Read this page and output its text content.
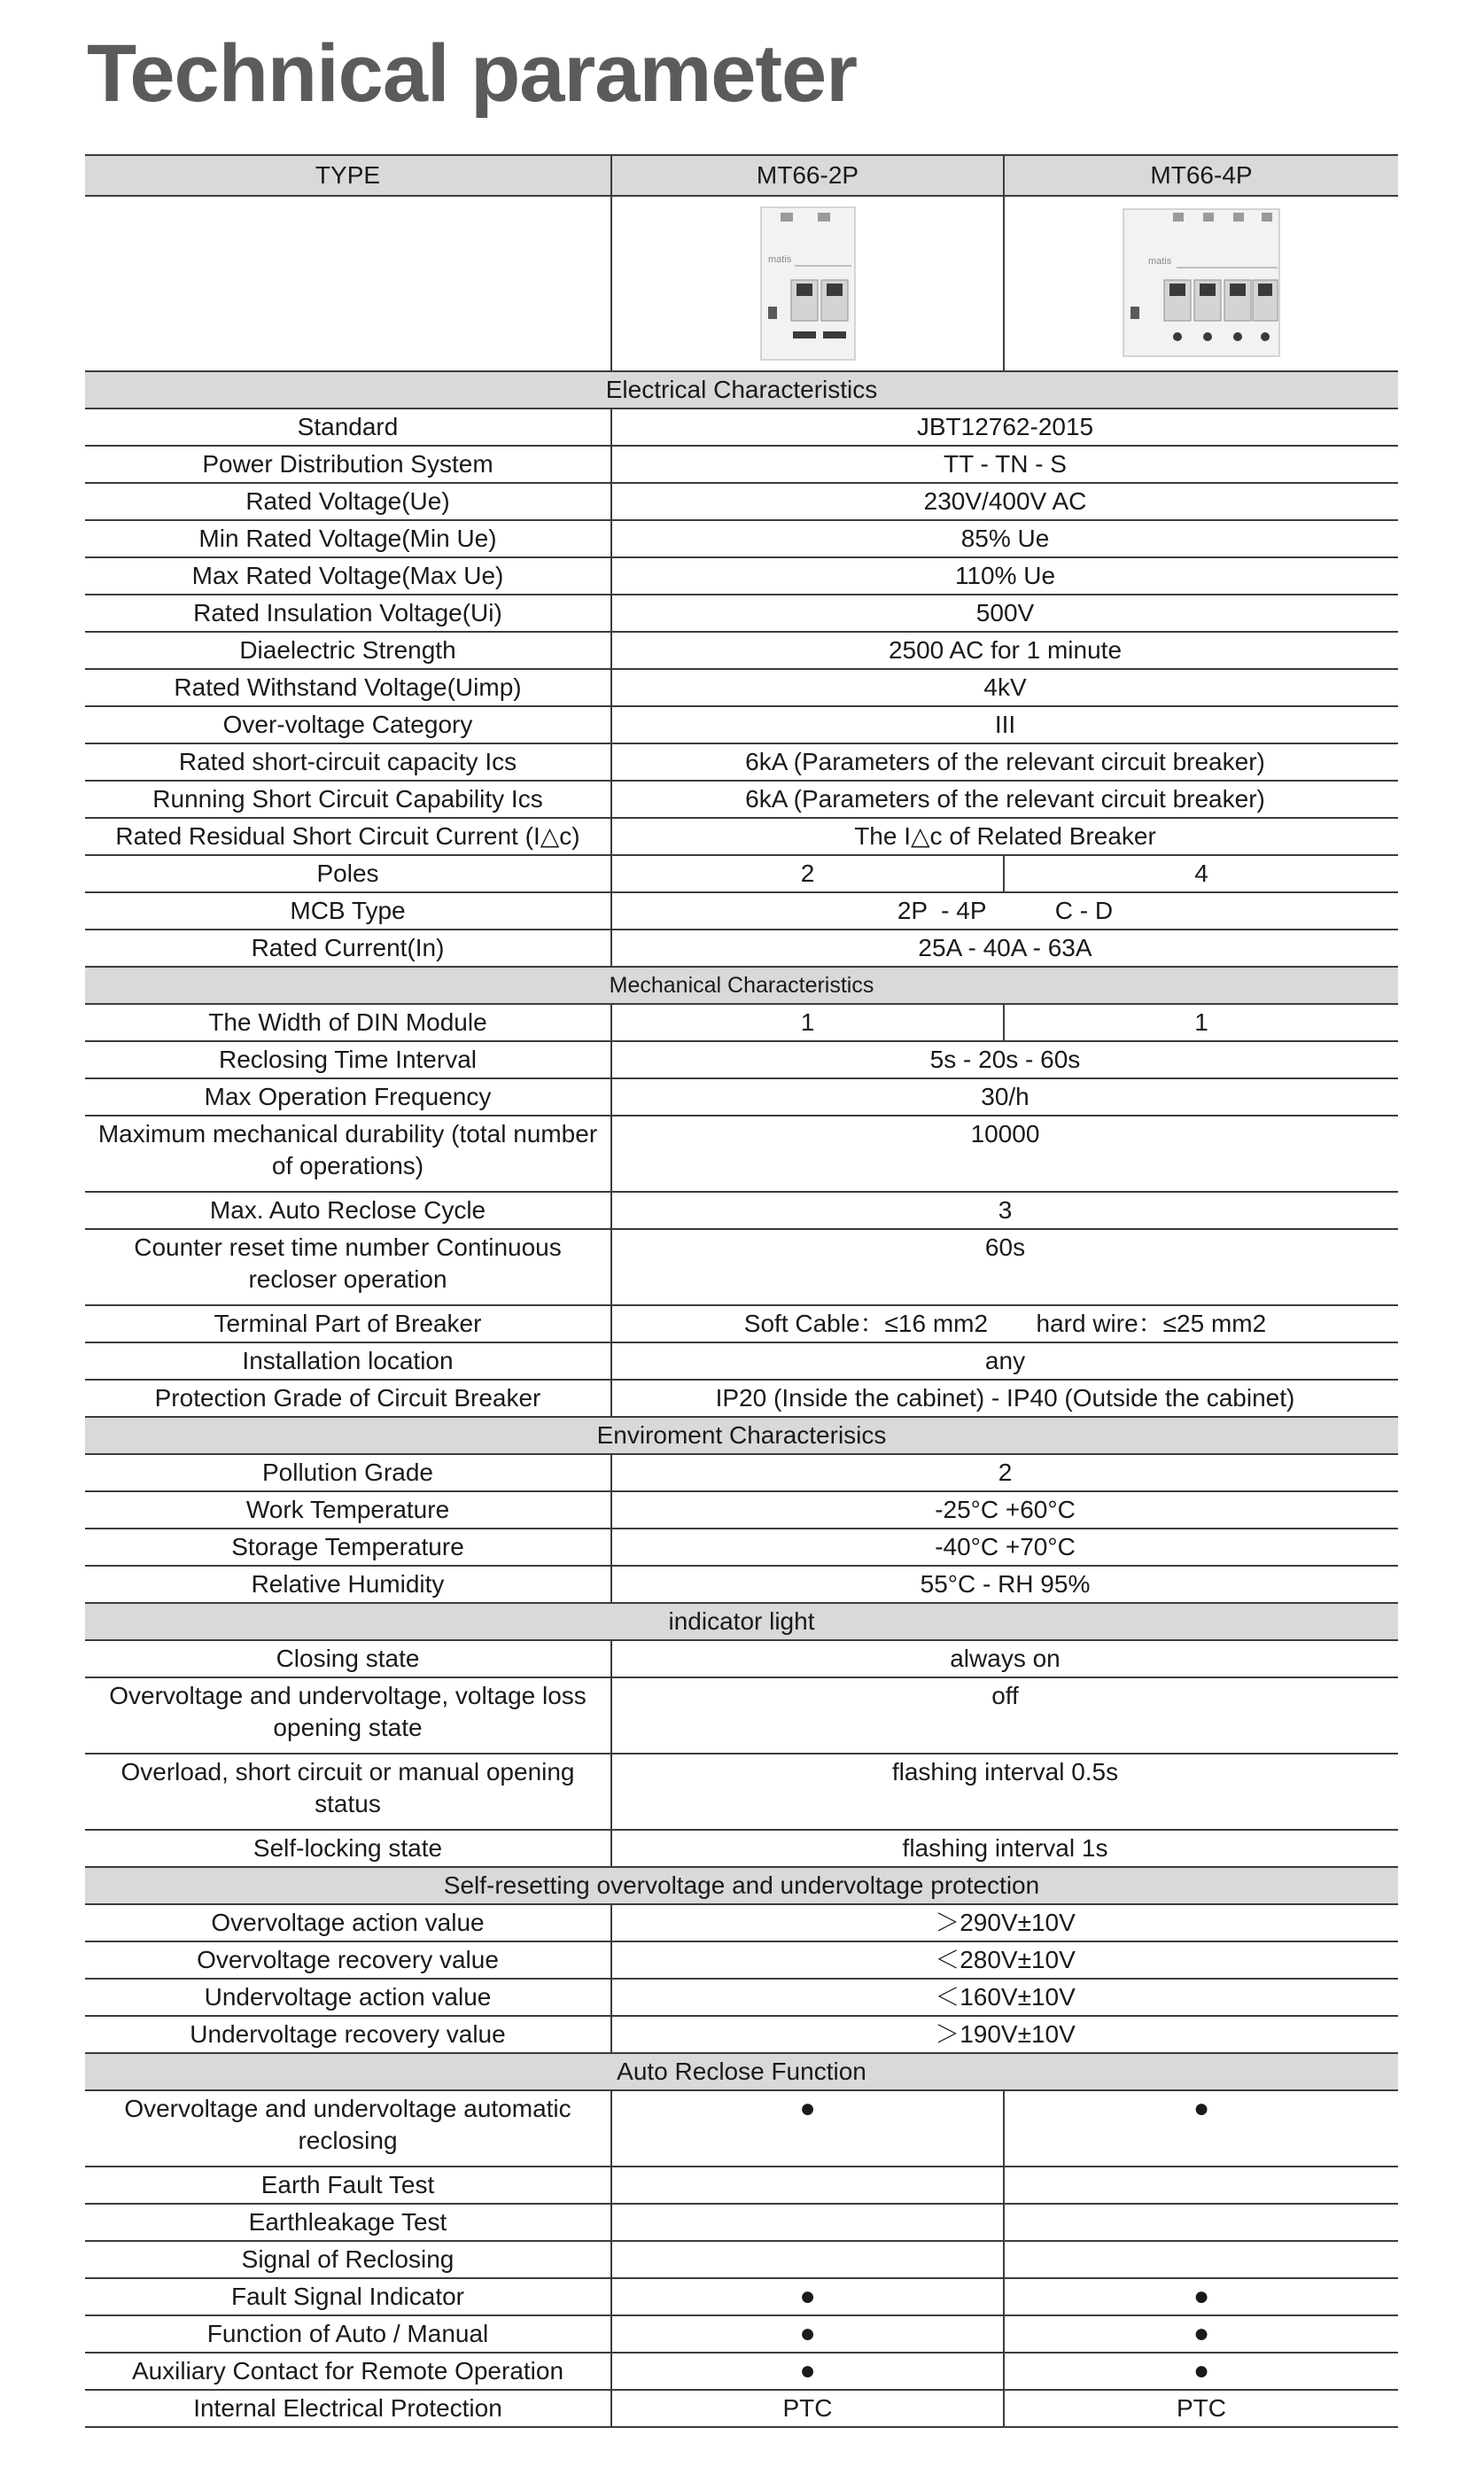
Technical parameter
TYPE	MT66-2P	MT66-4P

matis	matis

Electrical Characteristics		
Standard	JBT12762-2015	
Power Distribution System	TT - TN - S	
Rated Voltage(Ue)	230V/400V AC	
Min Rated Voltage(Min Ue)	85% Ue	
Max Rated Voltage(Max Ue)	110% Ue	
Rated Insulation Voltage(Ui)	500V	
Diaelectric Strength	2500 AC for 1 minute	
Rated Withstand Voltage(Uimp)	4kV	
Over-voltage Category	III	
Rated short-circuit capacity Ics	6kA (Parameters of the relevant circuit breaker)	
Running Short Circuit Capability Ics	6kA (Parameters of the relevant circuit breaker)	
Rated Residual Short Circuit Current (I△c)	The I△c of Related Breaker	
Poles	2	4
MCB Type	2P  - 4P          C - D	
Rated Current(In)	25A - 40A - 63A	
Mechanical Characteristics		
The Width of DIN Module	1	1
Reclosing Time Interval	5s - 20s - 60s	
Max Operation Frequency	30/h	
Maximum mechanical durability (total number of operations)	10000	
Max. Auto Reclose Cycle	3	
Counter reset time number Continuous recloser operation	60s	
Terminal Part of Breaker	Soft Cable：≤16 mm2       hard wire：≤25 mm2	
Installation location	any	
Protection Grade of Circuit Breaker	IP20 (Inside the cabinet) - IP40 (Outside the cabinet)	
Enviroment Characterisics		
Pollution Grade	2	
Work Temperature	-25°C +60°C	
Storage Temperature	-40°C +70°C	
Relative Humidity	55°C - RH 95%	
indicator light		
Closing state	always on	
Overvoltage and undervoltage, voltage loss opening state	off	
Overload, short circuit or manual opening status	flashing interval 0.5s	
Self-locking state	flashing interval 1s	
Self-resetting overvoltage and undervoltage protection		
Overvoltage action value	＞290V±10V	
Overvoltage recovery value	＜280V±10V	
Undervoltage action value	＜160V±10V	
Undervoltage recovery value	＞190V±10V	
Auto Reclose Function		
Overvoltage and undervoltage automatic reclosing	●	●
Earth Fault Test		
Earthleakage Test		
Signal of Reclosing		
Fault Signal Indicator	●	●
Function of Auto / Manual	●	●
Auxiliary Contact for Remote Operation	●	●
Internal Electrical Protection	PTC	PTC
